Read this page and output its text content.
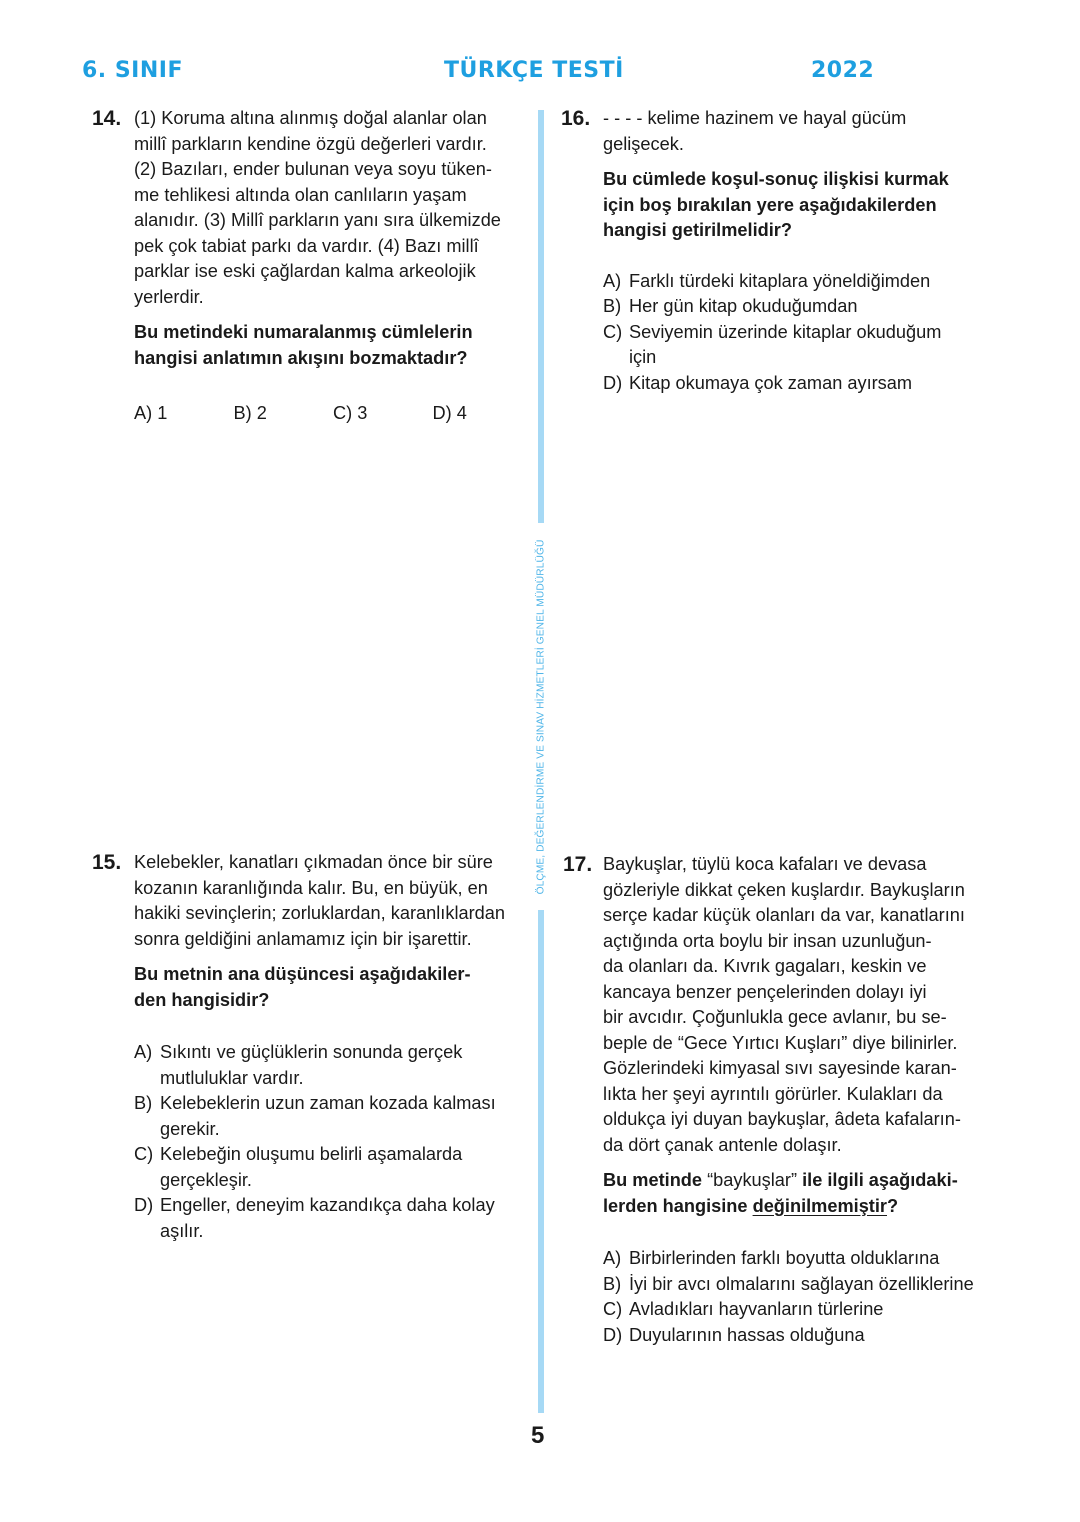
6. SINIF	TÜRKÇE TESTİ	2022
ÖLÇME, DEĞERLENDİRME VE SINAV HİZMETLERİ GENEL MÜDÜRLÜĞÜ
14. (1) Koruma altına alınmış doğal alanlar olan

millî parkların kendine özgü değerleri vardır.

(2) Bazıları, ender bulunan veya soyu tüken-

me tehlikesi altında olan canlıların yaşam

alanıdır. (3) Millî parkların yanı sıra ülkemizde

pek çok tabiat parkı da vardır. (4) Bazı millî

parklar ise eski çağlardan kalma arkeolojik

yerlerdir.

Bu metindeki numaralanmış cümlelerin
hangisi anlatımın akışını bozmaktadır?
A) 1	B) 2	C) 3	D) 4
16. - - - - kelime hazinem ve hayal gücüm

gelişecek.

Bu cümlede koşul-sonuç ilişkisi kurmak
için boş bırakılan yere aşağıdakilerden
hangisi getirilmelidir?
A) Farklı türdeki kitaplara yöneldiğimden
B) Her gün kitap okuduğumdan
C) Seviyemin üzerinde kitaplar okuduğum
için
D) Kitap okumaya çok zaman ayırsam
15. Kelebekler, kanatları çıkmadan önce bir süre

kozanın karanlığında kalır. Bu, en büyük, en

hakiki sevinçlerin; zorluklardan, karanlıklardan

sonra geldiğini anlamamız için bir işarettir.

Bu metnin ana düşüncesi aşağıdakiler-
den hangisidir?
A) Sıkıntı ve güçlüklerin sonunda gerçek
mutluluklar vardır.
B) Kelebeklerin uzun zaman kozada kalması
gerekir.
C) Kelebeğin oluşumu belirli aşamalarda
gerçekleşir.
D) Engeller, deneyim kazandıkça daha kolay
aşılır.
17. Baykuşlar, tüylü koca kafaları ve devasa

gözleriyle dikkat çeken kuşlardır. Baykuşların

serçe kadar küçük olanları da var, kanatlarını

açtığında orta boylu bir insan uzunluğun-

da olanları da. Kıvrık gagaları, keskin ve

kancaya benzer pençelerinden dolayı iyi

bir avcıdır. Çoğunlukla gece avlanır, bu se-

beple de “Gece Yırtıcı Kuşları” diye bilinirler.

Gözlerindeki kimyasal sıvı sayesinde karan-

lıkta her şeyi ayrıntılı görürler. Kulakları da

oldukça iyi duyan baykuşlar, âdeta kafaların-

da dört çanak antenle dolaşır.

Bu metinde “baykuşlar” ile ilgili aşağıdaki-
lerden hangisine değinilmemiştir?
A) Birbirlerinden farklı boyutta olduklarına
B) İyi bir avcı olmalarını sağlayan özelliklerine
C) Avladıkları hayvanların türlerine
D) Duyularının hassas olduğuna
5
